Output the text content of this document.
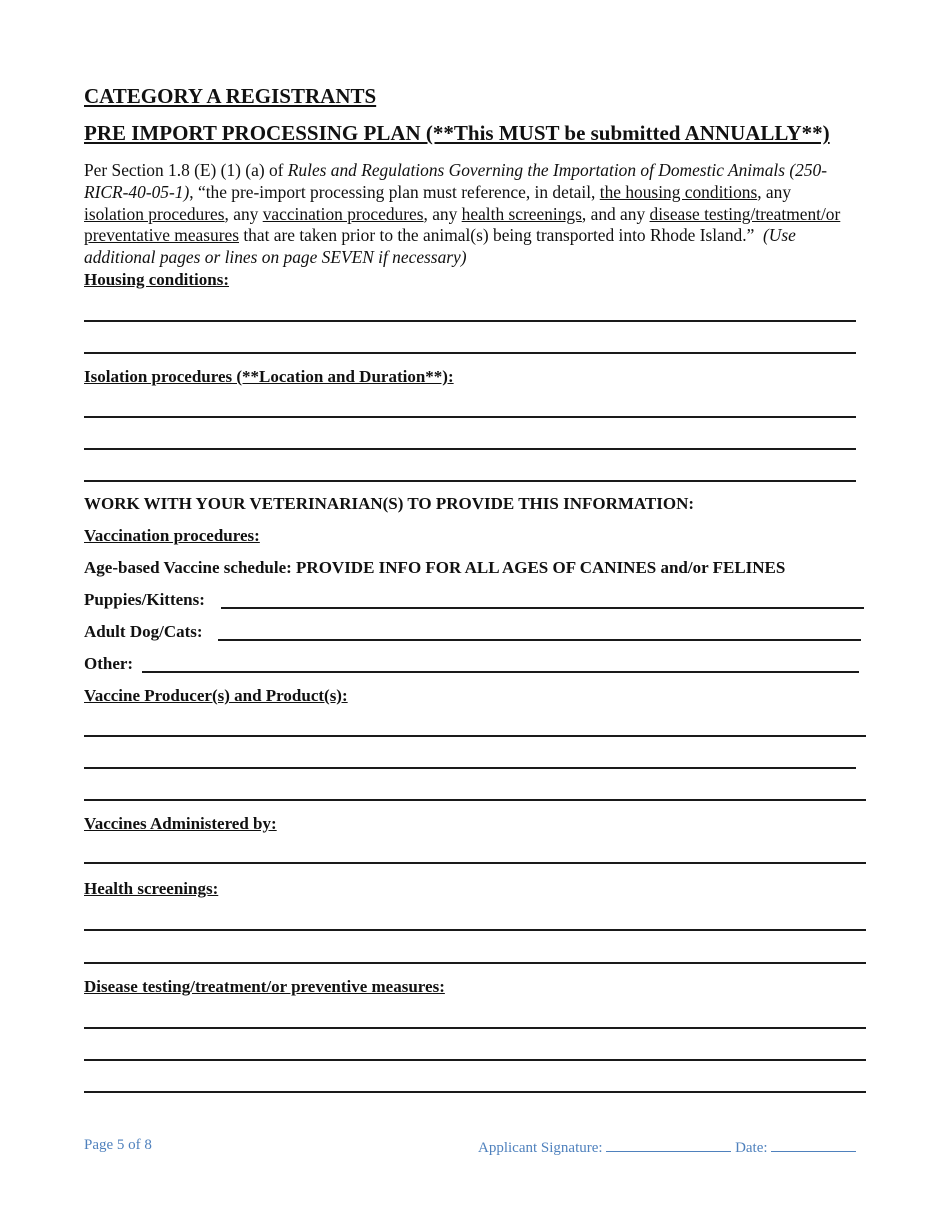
CATEGORY A REGISTRANTS
PRE IMPORT PROCESSING PLAN (**This MUST be submitted ANNUALLY**)
Per Section 1.8 (E) (1) (a) of Rules and Regulations Governing the Importation of Domestic Animals (250-RICR-40-05-1), “the pre-import processing plan must reference, in detail, the housing conditions, any isolation procedures, any vaccination procedures, any health screenings, and any disease testing/treatment/or preventative measures that are taken prior to the animal(s) being transported into Rhode Island.” (Use additional pages or lines on page SEVEN if necessary)
Housing conditions:
Isolation procedures (**Location and Duration**):
WORK WITH YOUR VETERINARIAN(S) TO PROVIDE THIS INFORMATION:
Vaccination procedures:
Age-based Vaccine schedule: PROVIDE INFO FOR ALL AGES OF CANINES and/or FELINES
Puppies/Kittens:
Adult Dog/Cats:
Other:
Vaccine Producer(s) and Product(s):
Vaccines Administered by:
Health screenings:
Disease testing/treatment/or preventive measures:
Page 5 of 8	Applicant Signature:	Date:
